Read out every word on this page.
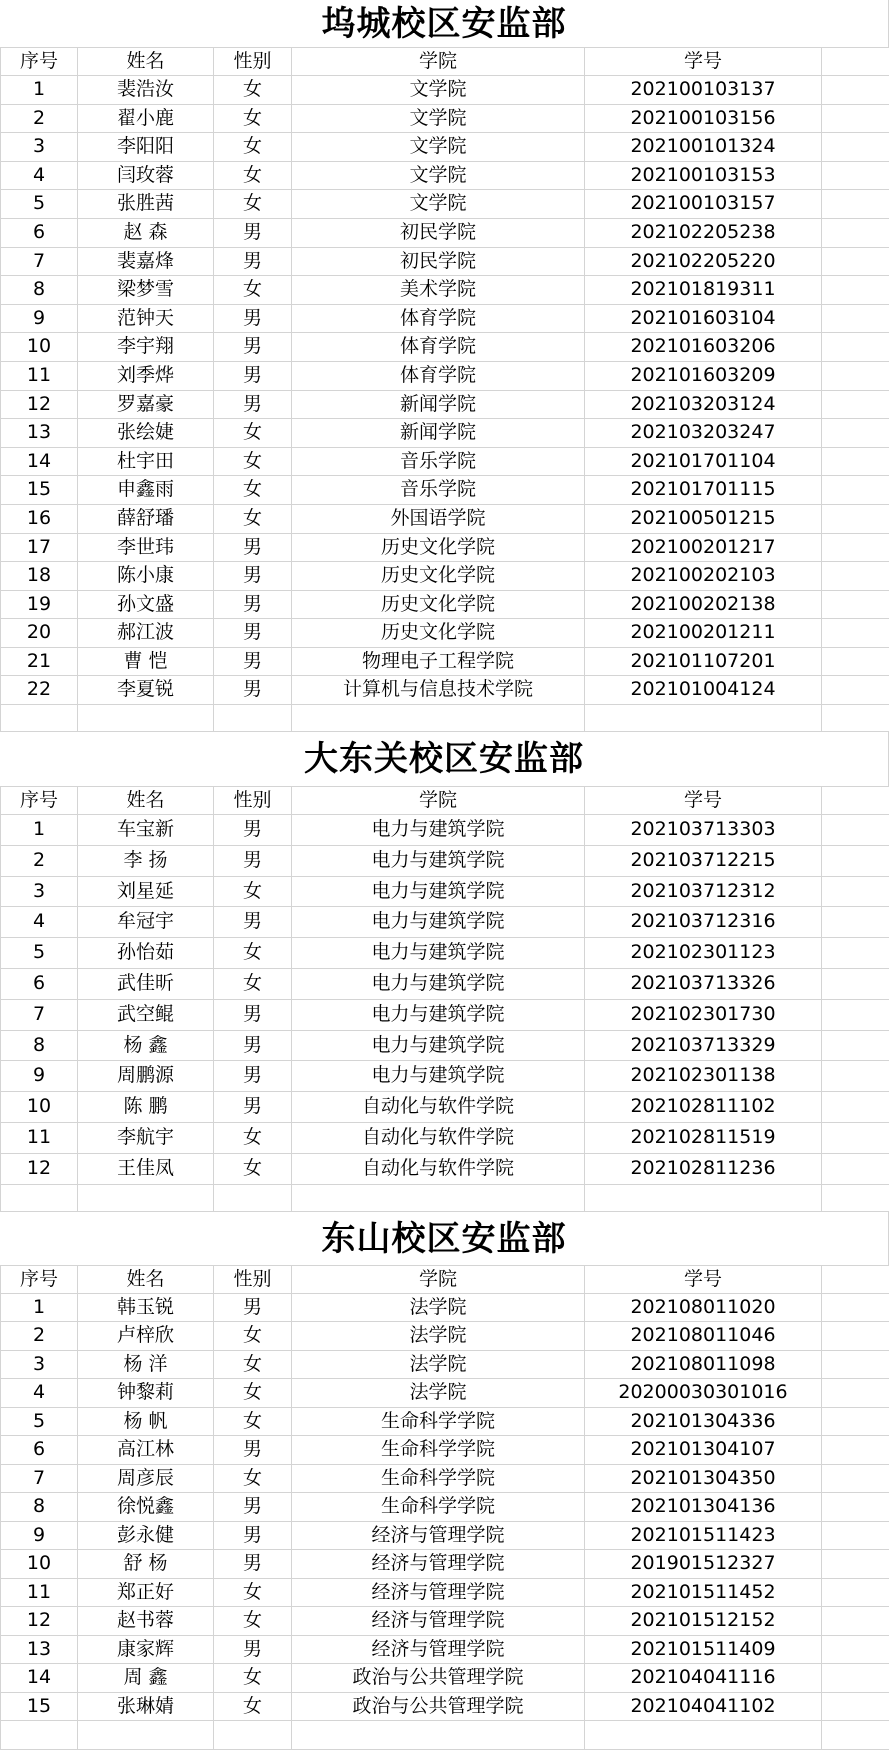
坞城校区安监部
序号	姓名	性别	学院	学号
1	裴浩汝	女	文学院	202100103137
2	翟小鹿	女	文学院	202100103156
3	李阳阳	女	文学院	202100101324
4	闫玫蓉	女	文学院	202100103153
5	张胜茜	女	文学院	202100103157
6	赵 森	男	初民学院	202102205238
7	裴嘉烽	男	初民学院	202102205220
8	梁梦雪	女	美术学院	202101819311
9	范钟天	男	体育学院	202101603104
10	李宇翔	男	体育学院	202101603206
11	刘季烨	男	体育学院	202101603209
12	罗嘉豪	男	新闻学院	202103203124
13	张绘婕	女	新闻学院	202103203247
14	杜宇田	女	音乐学院	202101701104
15	申鑫雨	女	音乐学院	202101701115
16	薛舒璠	女	外国语学院	202100501215
17	李世玮	男	历史文化学院	202100201217
18	陈小康	男	历史文化学院	202100202103
19	孙文盛	男	历史文化学院	202100202138
20	郝江波	男	历史文化学院	202100201211
21	曹 恺	男	物理电子工程学院	202101107201
22	李夏锐	男	计算机与信息技术学院	202101004124
大东关校区安监部
序号	姓名	性别	学院	学号
1	车宝新	男	电力与建筑学院	202103713303
2	李 扬	男	电力与建筑学院	202103712215
3	刘星延	女	电力与建筑学院	202103712312
4	牟冠宇	男	电力与建筑学院	202103712316
5	孙怡茹	女	电力与建筑学院	202102301123
6	武佳昕	女	电力与建筑学院	202103713326
7	武空鲲	男	电力与建筑学院	202102301730
8	杨 鑫	男	电力与建筑学院	202103713329
9	周鹏源	男	电力与建筑学院	202102301138
10	陈 鹏	男	自动化与软件学院	202102811102
11	李航宇	女	自动化与软件学院	202102811519
12	王佳凤	女	自动化与软件学院	202102811236
东山校区安监部
序号	姓名	性别	学院	学号
1	韩玉锐	男	法学院	202108011020
2	卢梓欣	女	法学院	202108011046
3	杨 洋	女	法学院	202108011098
4	钟黎莉	女	法学院	20200030301016
5	杨 帆	女	生命科学学院	202101304336
6	高江林	男	生命科学学院	202101304107
7	周彦辰	女	生命科学学院	202101304350
8	徐悦鑫	男	生命科学学院	202101304136
9	彭永健	男	经济与管理学院	202101511423
10	舒 杨	男	经济与管理学院	201901512327
11	郑正好	女	经济与管理学院	202101511452
12	赵书蓉	女	经济与管理学院	202101512152
13	康家辉	男	经济与管理学院	202101511409
14	周 鑫	女	政治与公共管理学院	202104041116
15	张琳婧	女	政治与公共管理学院	202104041102
